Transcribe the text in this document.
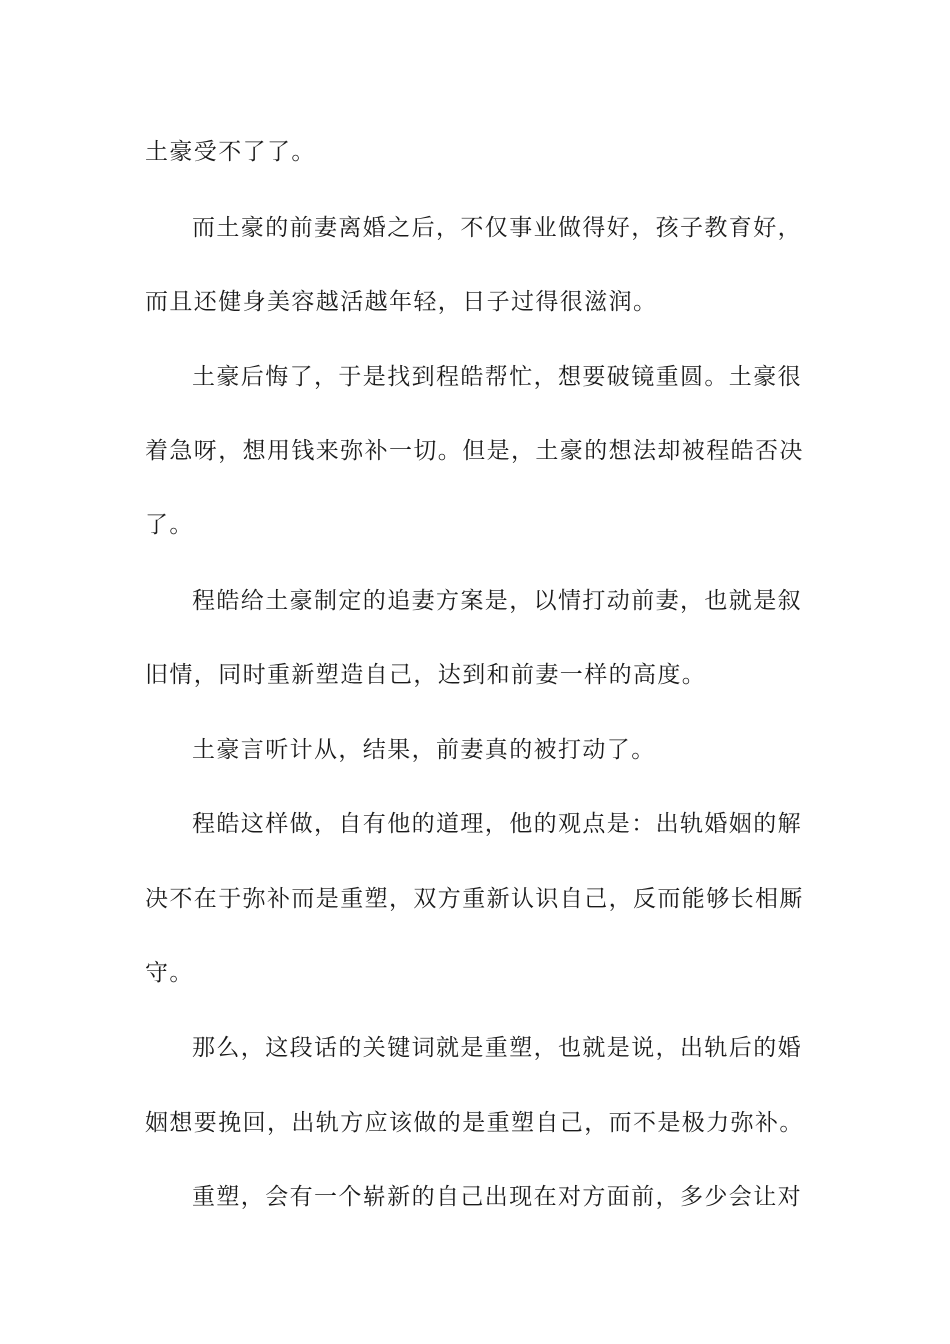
土豪受不了了。
而土豪的前妻离婚之后，不仅事业做得好，孩子教育好，
而且还健身美容越活越年轻，日子过得很滋润。
土豪后悔了，于是找到程皓帮忙，想要破镜重圆。土豪很
着急呀，想用钱来弥补一切。但是，土豪的想法却被程皓否决
了。
程皓给土豪制定的追妻方案是，以情打动前妻，也就是叙
旧情，同时重新塑造自己，达到和前妻一样的高度。
土豪言听计从，结果，前妻真的被打动了。
程皓这样做，自有他的道理，他的观点是：出轨婚姻的解
决不在于弥补而是重塑，双方重新认识自己，反而能够长相厮
守。
那么，这段话的关键词就是重塑，也就是说，出轨后的婚
姻想要挽回，出轨方应该做的是重塑自己，而不是极力弥补。
重塑，会有一个崭新的自己出现在对方面前，多少会让对
